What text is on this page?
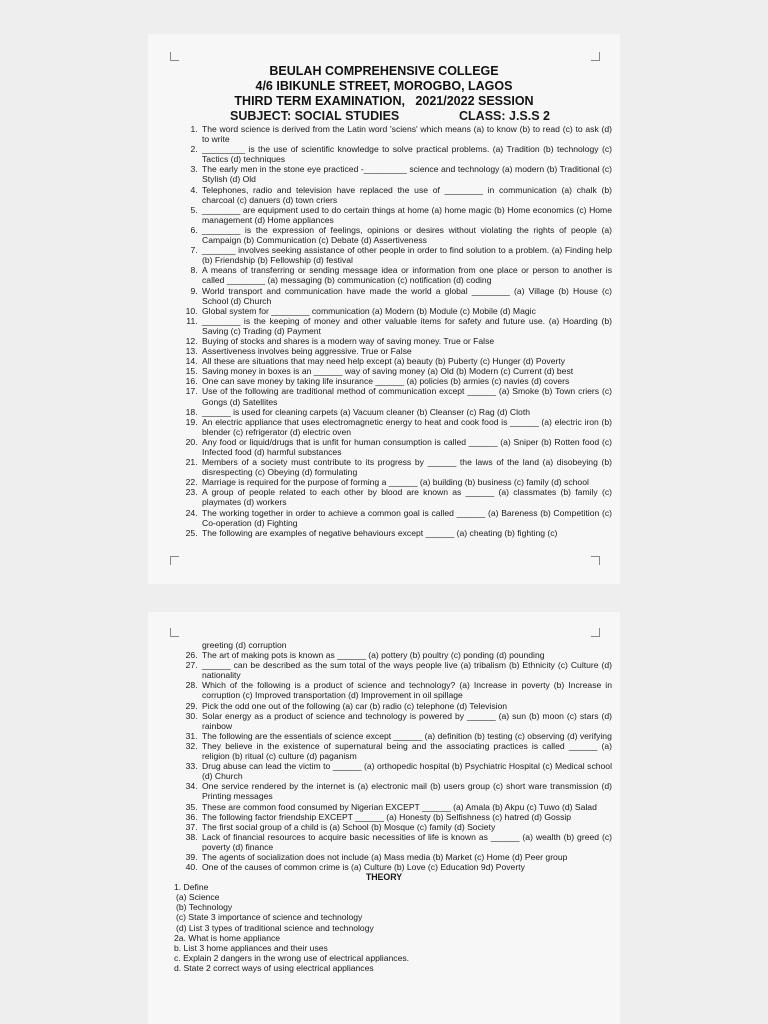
BEULAH COMPREHENSIVE COLLEGE
4/6 IBIKUNLE STREET, MOROGBO, LAGOS
THIRD TERM EXAMINATION,   2021/2022 SESSION
SUBJECT: SOCIAL STUDIES	CLASS: J.S.S 2
1. The word science is derived from the Latin word 'sciens' which means (a) to know (b) to read (c) to ask (d) to write
2. _________ is the use of scientific knowledge to solve practical problems. (a) Tradition (b) technology (c) Tactics (d) techniques
3. The early men in the stone eye practiced -_________ science and technology (a) modern (b) Traditional (c) Stylish (d) Old
4. Telephones, radio and television have replaced the use of ________ in communication (a) chalk (b) charcoal (c) danuers (d) town criers
5. ________ are equipment used to do certain things at home (a) home magic (b) Home economics (c) Home management (d) Home appliances
6. ________ is the expression of feelings, opinions or desires without violating the rights of people (a) Campaign (b) Communication (c) Debate (d) Assertiveness
7. _______ involves seeking assistance of other people in order to find solution to a problem. (a) Finding help (b) Friendship (b) Fellowship (d) festival
8. A means of transferring or sending message idea or information from one place or person to another is called ________ (a) messaging (b) communication (c) notification (d) coding
9. World transport and communication have made the world a global ________ (a) Village (b) House (c) School (d) Church
10. Global system for ________ communication (a) Modern (b) Module (c) Mobile (d) Magic
11. ________ is the keeping of money and other valuable items for safety and future use. (a) Hoarding (b) Saving (c) Trading (d) Payment
12. Buying of stocks and shares is a modern way of saving money. True or False
13. Assertiveness involves being aggressive. True or False
14. All these are situations that may need help except (a) beauty (b) Puberty (c) Hunger (d) Poverty
15. Saving money in boxes is an ______ way of saving money (a) Old (b) Modern (c) Current (d) best
16. One can save money by taking life insurance ______ (a) policies (b) armies (c) navies (d) covers
17. Use of the following are traditional method of communication except ______ (a) Smoke (b) Town criers (c) Gongs (d) Satellites
18. ______ is used for cleaning carpets (a) Vacuum cleaner (b) Cleanser (c) Rag (d) Cloth
19. An electric appliance that uses electromagnetic energy to heat and cook food is ______ (a) electric iron (b) blender (c) refrigerator (d) electric oven
20. Any food or liquid/drugs that is unfit for human consumption is called ______ (a) Sniper (b) Rotten food (c) Infected food (d) harmful substances
21. Members of a society must contribute to its progress by ______ the laws of the land (a) disobeying (b) disrespecting (c) Obeying (d) formulating
22. Marriage is required for the purpose of forming a ______ (a) building (b) business (c) family (d) school
23. A group of people related to each other by blood are known as ______ (a) classmates (b) family (c) playmates (d) workers
24. The working together in order to achieve a common goal is called ______ (a) Bareness (b) Competition (c) Co-operation (d) Fighting
25. The following are examples of negative behaviours except ______ (a) cheating (b) fighting (c)
greeting (d) corruption
26. The art of making pots is known as ______ (a) pottery (b) poultry (c) ponding (d) pounding
27. ______ can be described as the sum total of the ways people live (a) tribalism (b) Ethnicity (c) Culture (d) nationality
28. Which of the following is a product of science and technology? (a) Increase in poverty (b) Increase in corruption (c) Improved transportation (d) Improvement in oil spillage
29. Pick the odd one out of the following (a) car (b) radio (c) telephone (d) Television
30. Solar energy as a product of science and technology is powered by ______ (a) sun (b) moon (c) stars (d) rainbow
31. The following are the essentials of science except ______ (a) definition (b) testing (c) observing (d) verifying
32. They believe in the existence of supernatural being and the associating practices is called ______ (a) religion (b) ritual (c) culture (d) paganism
33. Drug abuse can lead the victim to ______ (a) orthopedic hospital (b) Psychiatric Hospital (c) Medical school (d) Church
34. One service rendered by the internet is (a) electronic mail (b) users group (c) short ware transmission (d) Printing messages
35. These are common food consumed by Nigerian EXCEPT ______ (a) Amala (b) Akpu (c) Tuwo (d) Salad
36. The following factor friendship EXCEPT ______ (a) Honesty (b) Selfishness (c) hatred (d) Gossip
37. The first social group of a child is (a) School (b) Mosque (c) family (d) Society
38. Lack of financial resources to acquire basic necessities of life is known as ______ (a) wealth (b) greed (c) poverty (d) finance
39. The agents of socialization does not include (a) Mass media (b) Market (c) Home (d) Peer group
40. One of the causes of common crime is (a) Culture (b) Love (c) Education 9d) Poverty
THEORY
1. Define
(a) Science
(b) Technology
(c) State 3 importance of science and technology
(d) List 3 types of traditional science and technology
2a. What is home appliance
b. List 3 home appliances and their uses
c. Explain 2 dangers in the wrong use of electrical appliances.
d. State 2 correct ways of using electrical appliances
